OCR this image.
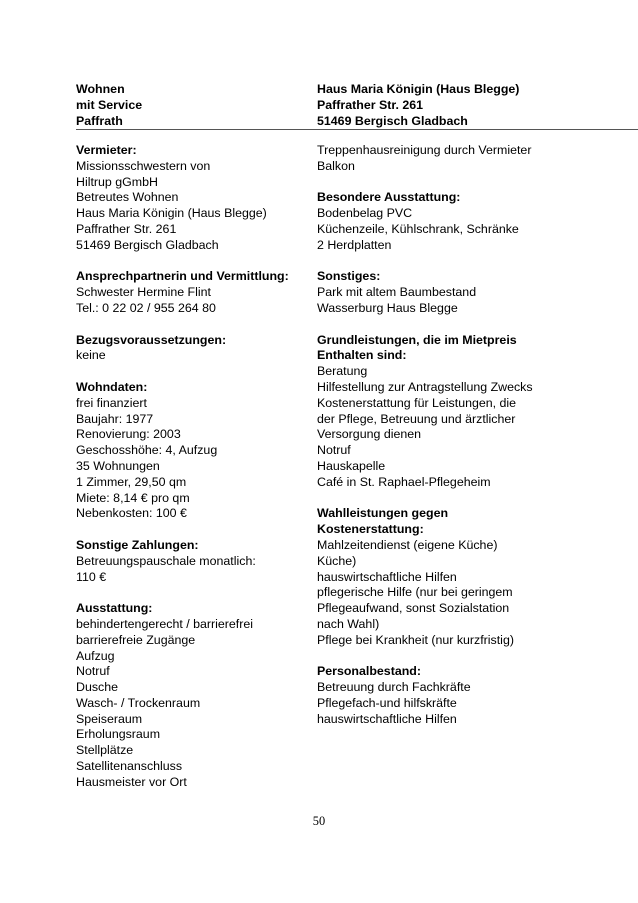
Wohnen
mit Service
Paffrath
Haus Maria Königin (Haus Blegge)
Paffrather Str. 261
51469 Bergisch Gladbach
Vermieter:
Missionsschwestern von
Hiltrup gGmbH
Betreutes Wohnen
Haus Maria Königin (Haus Blegge)
Paffrather Str. 261
51469 Bergisch Gladbach
Ansprechpartnerin und Vermittlung:
Schwester Hermine Flint
Tel.: 0 22 02 / 955 264 80
Bezugsvoraussetzungen:
keine
Wohndaten:
frei finanziert
Baujahr: 1977
Renovierung: 2003
Geschosshöhe: 4, Aufzug
35 Wohnungen
1 Zimmer, 29,50 qm
Miete: 8,14 € pro qm
Nebenkosten: 100 €
Sonstige Zahlungen:
Betreuungspauschale monatlich:
110 €
Ausstattung:
behindertengerecht / barrierefrei
barrierefreie Zugänge
Aufzug
Notruf
Dusche
Wasch- / Trockenraum
Speiseraum
Erholungsraum
Stellplätze
Satellitenanschluss
Hausmeister vor Ort
Treppenhausreinigung durch Vermieter
Balkon
Besondere Ausstattung:
Bodenbelag PVC
Küchenzeile, Kühlschrank, Schränke
2 Herdplatten
Sonstiges:
Park mit altem Baumbestand
Wasserburg Haus Blegge
Grundleistungen, die im Mietpreis
Enthalten sind:
Beratung
Hilfestellung zur Antragstellung Zwecks
Kostenerstattung für Leistungen, die
der Pflege, Betreuung und ärztlicher
Versorgung dienen
Notruf
Hauskapelle
Café in St. Raphael-Pflegeheim
Wahlleistungen gegen
Kostenerstattung:
Mahlzeitendienst (eigene Küche)
Küche)
hauswirtschaftliche Hilfen
pflegerische Hilfe (nur bei geringem
Pflegeaufwand, sonst Sozialstation
nach Wahl)
Pflege bei Krankheit (nur kurzfristig)
Personalbestand:
Betreuung durch Fachkräfte
Pflegefach-und hilfskräfte
hauswirtschaftliche Hilfen
50
